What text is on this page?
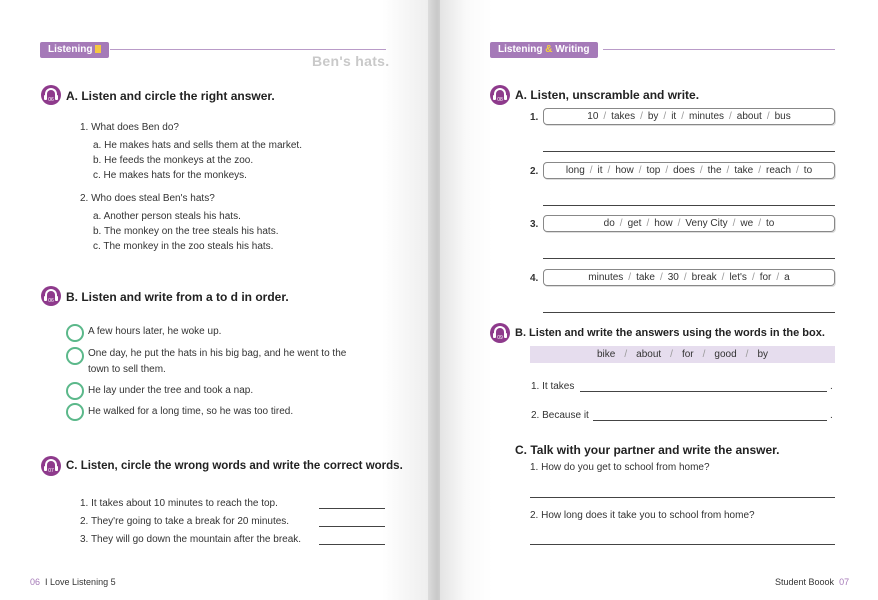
Listening
Ben's hats.
06	A. Listen and circle the right answer.
1. What does Ben do?
a. He makes hats and sells them at the market.
b. He feeds the monkeys at the zoo.
c. He makes hats for the monkeys.
2. Who does steal Ben's hats?
a. Another person steals his hats.
b. The monkey on the tree steals his hats.
c. The monkey in the zoo steals his hats.
06	B. Listen and write from a to d in order.
A few hours later, he woke up.
One day, he put the hats in his big bag, and he went to the
town to sell them.
He lay under the tree and took a nap.
He walked for a long time, so he was too tired.
07	C. Listen, circle the wrong words and write the correct words.
1. It takes about 10 minutes to reach the top.
2. They're going to take a break for 20 minutes.
3. They will go down the mountain after the break.
06 I Love Listening 5
Listening & Writing
08	A. Listen, unscramble and write.
1.	10 / takes / by / it / minutes / about / bus
2.	long / it / how / top / does / the / take / reach / to
3.	do / get / how / Veny City / we / to
4.	minutes / take / 30 / break / let's / for / a
09	B. Listen and write the answers using the words in the box.
bike / about / for / good / by
1. It takes	.
2. Because it	.
C. Talk with your partner and write the answer.
1. How do you get to school from home?
2. How long does it take you to school from home?
Student Boook 07
